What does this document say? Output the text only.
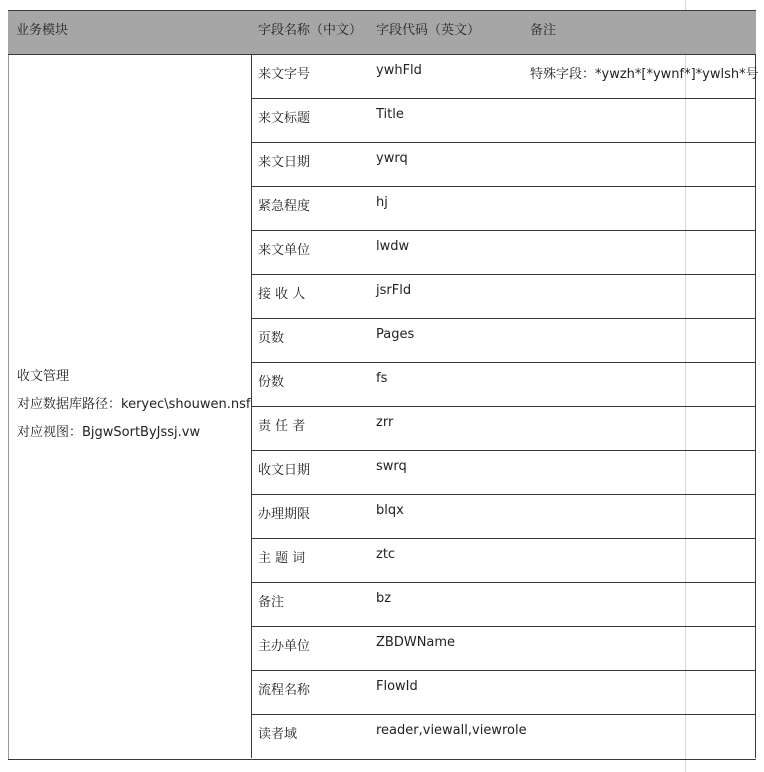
业务模块	字段名称（中文） 字段代码（英文）	备注
收文管理
对应数据库路径：keryec\shouwen.nsf
对应视图：BjgwSortByJssj.vw
来文字号	ywhFld	特殊字段：*ywzh*[*ywnf*]*ywlsh*号
来文标题	Title
来文日期	ywrq
紧急程度	hj
来文单位	lwdw
接 收 人	jsrFld
页数	Pages
份数	fs
责 任 者	zrr
收文日期	swrq
办理期限	blqx
主 题 词	ztc
备注	bz
主办单位	ZBDWName
流程名称	FlowId
读者域	reader,viewall,viewrole
